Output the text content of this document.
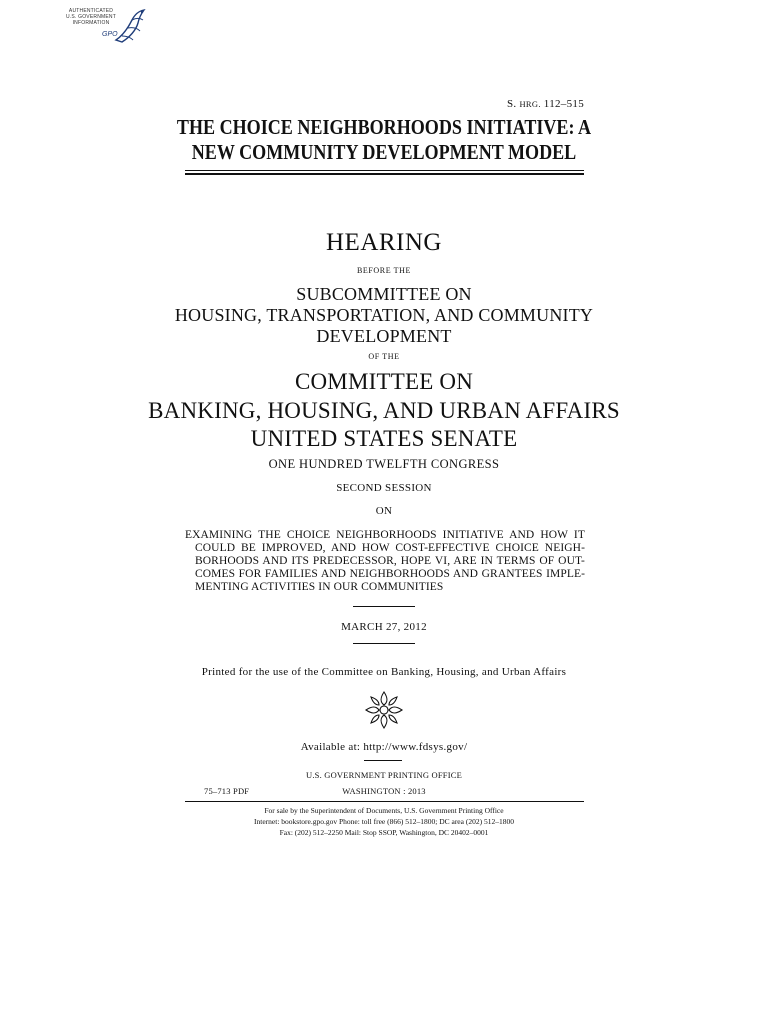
AUTHENTICATED
U.S. GOVERNMENT
INFORMATION
GPO
S. HRG. 112–515
THE CHOICE NEIGHBORHOODS INITIATIVE: A
NEW COMMUNITY DEVELOPMENT MODEL
HEARING
BEFORE THE
SUBCOMMITTEE ON
HOUSING, TRANSPORTATION, AND COMMUNITY
DEVELOPMENT
OF THE
COMMITTEE ON
BANKING, HOUSING, AND URBAN AFFAIRS
UNITED STATES SENATE
ONE HUNDRED TWELFTH CONGRESS
SECOND SESSION
ON
EXAMINING THE CHOICE NEIGHBORHOODS INITIATIVE AND HOW IT
COULD BE IMPROVED, AND HOW COST-EFFECTIVE CHOICE NEIGH-
BORHOODS AND ITS PREDECESSOR, HOPE VI, ARE IN TERMS OF OUT-
COMES FOR FAMILIES AND NEIGHBORHOODS AND GRANTEES IMPLE-
MENTING ACTIVITIES IN OUR COMMUNITIES
MARCH 27, 2012
Printed for the use of the Committee on Banking, Housing, and Urban Affairs
Available at: http://www.fdsys.gov/
U.S. GOVERNMENT PRINTING OFFICE
75–713 PDF	WASHINGTON : 2013
For sale by the Superintendent of Documents, U.S. Government Printing Office
Internet: bookstore.gpo.gov Phone: toll free (866) 512–1800; DC area (202) 512–1800
Fax: (202) 512–2250 Mail: Stop SSOP, Washington, DC 20402–0001
